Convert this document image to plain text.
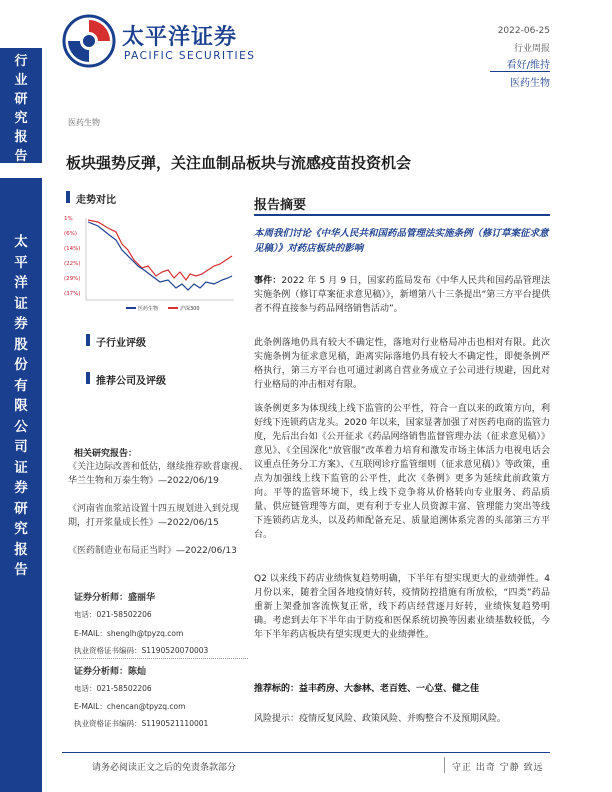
太平洋证券
PACIFIC SECURITIES
2022-06-25
行业周报
看好/维持
医药生物
行
业
研
究
报
告
太
平
洋
证
券
股
份
有
限
公
司
证
券
研
究
报
告
医药生物
板块强势反弹，关注血制品板块与流感疫苗投资机会
走势对比
1%
(6%)
(14%)
(22%)
(29%)
(37%)
医药生物	沪深300
子行业评级
推荐公司及评级
相关研究报告：
《关注边际改善和低估，继续推荐欧普康视、华兰生物和万泰生物》—2022/06/19
《河南省血浆站设置十四五规划进入到兑现期，打开浆量成长性》—2022/06/15
《医药制造业布局正当时》—2022/06/13
证券分析师：盛丽华
电话：021-58502206
E-MAIL：shenglh@tpyzq.com
执业资格证书编码：S1190520070003
证券分析师：陈灿
电话：021-58502206
E-MAIL：chencan@tpyzq.com
执业资格证书编码：S1190521110001
报告摘要
本周我们讨论《中华人民共和国药品管理法实施条例（修订草案征求意见稿）》对药店板块的影响
事件：2022 年 5 月 9 日，国家药监局发布《中华人民共和国药品管理法实施条例（修订草案征求意见稿）》，新增第八十三条提出“第三方平台提供者不得直接参与药品网络销售活动”。
此条例落地仍具有较大不确定性，落地对行业格局冲击也相对有限。此次实施条例为征求意见稿，距离实际落地仍具有较大不确定性，即便条例严格执行，第三方平台也可通过剥离自营业务成立子公司进行规避，因此对行业格局的冲击相对有限。
该条例更多为体现线上线下监管的公平性，符合一直以来的政策方向，利好线下连锁药店龙头。2020 年以来，国家显著加强了对医药电商的监管力度，先后出台如《公开征求《药品网络销售监督管理办法（征求意见稿）》意见》、《全国深化“放管服”改革着力培育和激发市场主体活力电视电话会议重点任务分工方案》、《互联网诊疗监管细则（征求意见稿）》等政策，重点为加强线上线下监管的公平性，此次《条例》更多为延续此前政策方向。平等的监管环境下，线上线下竞争将从价格转向专业服务、药品质量、供应链管理等方面，更有利于专业人员资源丰富、管理能力突出等线下连锁药店龙头，以及药师配备充足、质量追溯体系完善的头部第三方平台。
Q2 以来线下药店业绩恢复趋势明确，下半年有望实现更大的业绩弹性。4 月份以来，随着全国各地疫情好转，疫情防控措施有所放松，“四类”药品重新上架叠加客流恢复正常，线下药店经营逐月好转，业绩恢复趋势明确。考虑到去年下半年由于防疫和医保系统切换等因素业绩基数较低，今年下半年药店板块有望实现更大的业绩弹性。
推荐标的：益丰药房、大参林、老百姓、一心堂、健之佳
风险提示：疫情反复风险、政策风险、并购整合不及预期风险。
请务必阅读正文之后的免责条款部分	守正 出奇 宁静 致远
